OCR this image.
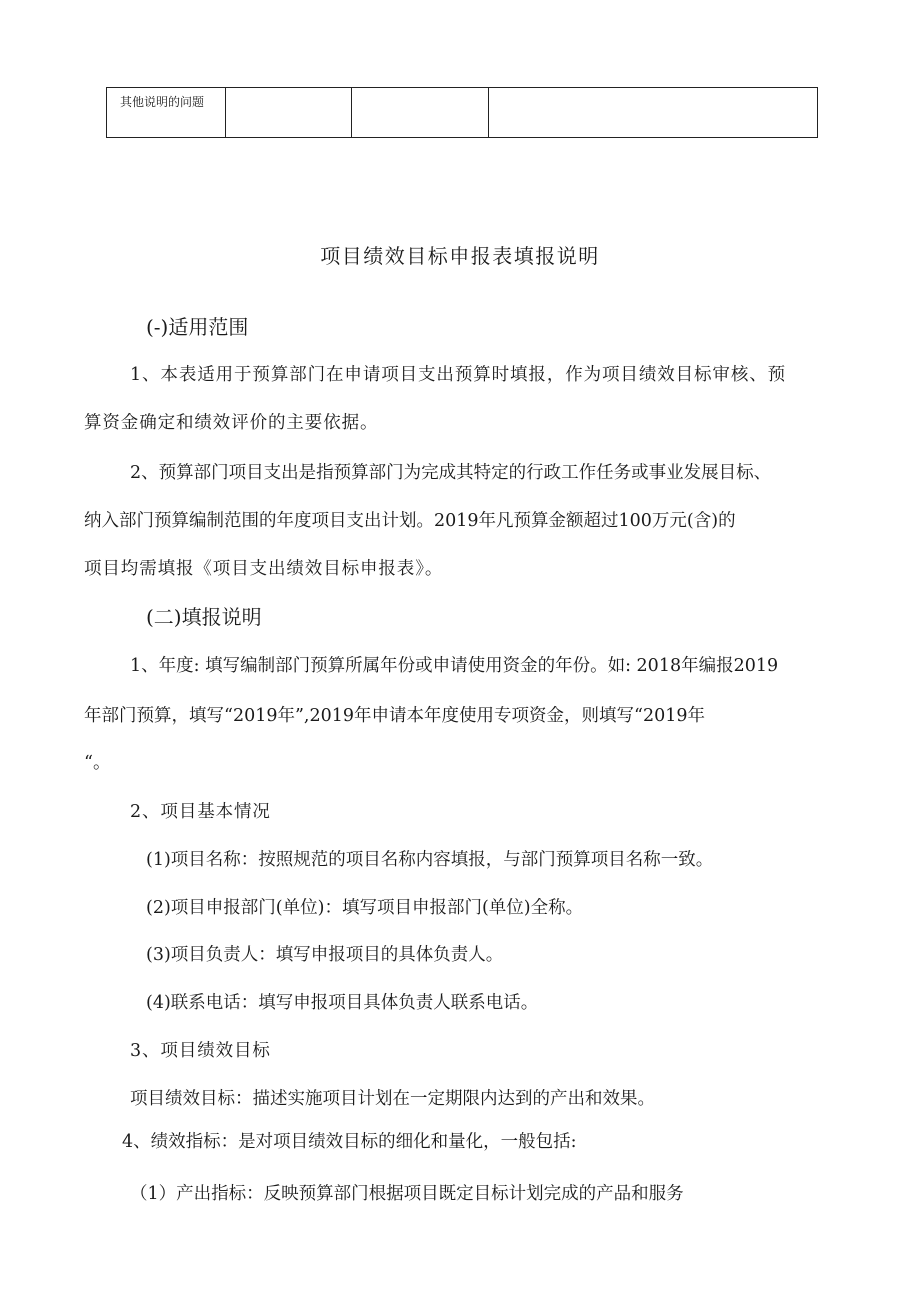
其他说明的问题			
项目绩效目标申报表填报说明
(-)适用范围
1、本表适用于预算部门在申请项目支出预算时填报，作为项目绩效目标审核、预
算资金确定和绩效评价的主要依据。
2、预算部门项目支出是指预算部门为完成其特定的行政工作任务或事业发展目标、
纳入部门预算编制范围的年度项目支出计划。2019年凡预算金额超过100万元(含)的
项目均需填报《项目支出绩效目标申报表》。
(二)填报说明
1、年度: 填写编制部门预算所属年份或申请使用资金的年份。如: 2018年编报2019
年部门预算，填写“2019年”,2019年申请本年度使用专项资金，则填写“2019年
“。
2、项目基本情况
(1)项目名称：按照规范的项目名称内容填报，与部门预算项目名称一致。
(2)项目申报部门(单位)：填写项目申报部门(单位)全称。
(3)项目负责人：填写申报项目的具体负责人。
(4)联系电话：填写申报项目具体负责人联系电话。
3、项目绩效目标
项目绩效目标：描述实施项目计划在一定期限内达到的产出和效果。
4、绩效指标：是对项目绩效目标的细化和量化，一般包括:
（1）产出指标：反映预算部门根据项目既定目标计划完成的产品和服务
